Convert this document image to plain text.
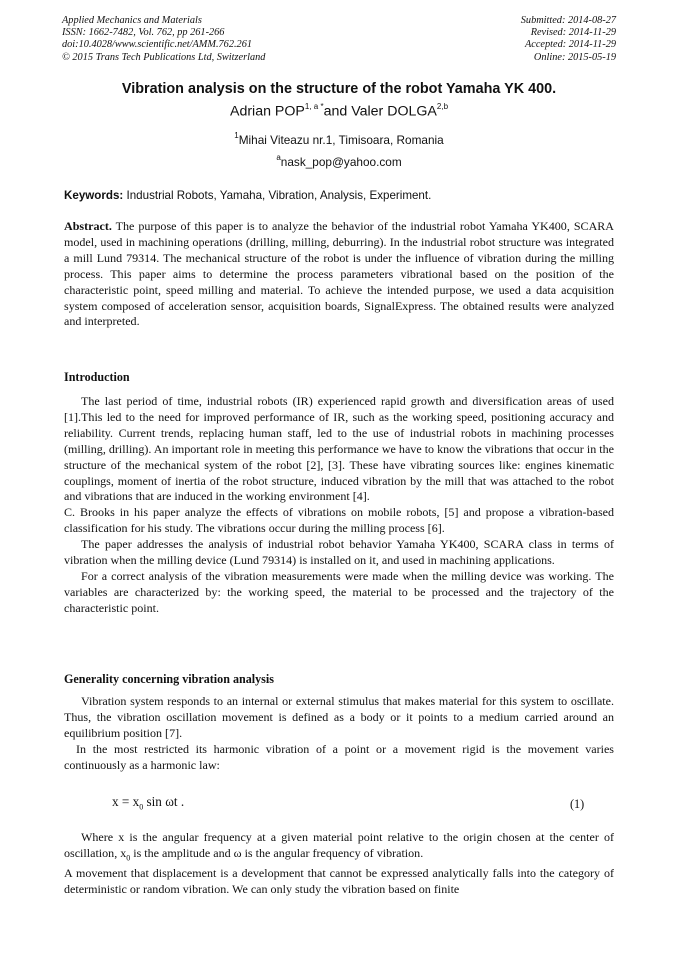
Applied Mechanics and Materials
ISSN: 1662-7482, Vol. 762, pp 261-266
doi:10.4028/www.scientific.net/AMM.762.261
© 2015 Trans Tech Publications Ltd, Switzerland
Submitted: 2014-08-27
Revised: 2014-11-29
Accepted: 2014-11-29
Online: 2015-05-19
Vibration analysis on the structure of the robot Yamaha YK 400.
Adrian $POP^{1, a *}and$ Valer DOLGA$^{2,b}$
$^1$Mihai Viteazu nr.1, Timisoara, Romania
$^a$nask_pop@yahoo.com
Keywords: Industrial Robots, Yamaha, Vibration, Analysis, Experiment.

Abstract. The purpose of this paper is to analyze the behavior of the industrial robot Yamaha YK400, SCARA model, used in machining operations (drilling, milling, deburring). In the industrial robot structure was integrated a mill Lund 79314. The mechanical structure of the robot is under the influence of vibration during the milling process. This paper aims to determine the process parameters vibrational based on the position of the characteristic point, speed milling and material. To achieve the intended purpose, we used a data acquisition system composed of acceleration sensor, acquisition boards, SignalExpress. The obtained results were analyzed and interpreted.

Introduction

The last period of time, industrial robots (IR) experienced rapid growth and diversification areas of used [1].This led to the need for improved performance of IR, such as the working speed, positioning accuracy and reliability. Current trends, replacing human staff, led to the use of industrial robots in machining processes (milling, drilling). An important role in meeting this performance we have to know the vibrations that occur in the structure of the mechanical system of the robot [2], [3]. These have vibrating sources like: engines kinematic couplings, moment of inertia of the robot structure, induced vibration by the mill that was attached to the robot and vibrations that are induced in the working environment [4].

C. Brooks in his paper analyze the effects of vibrations on mobile robots, [5] and propose a vibration-based classification for his study. The vibrations occur during the milling process [6].

The paper addresses the analysis of industrial robot behavior Yamaha YK400, SCARA class in terms of vibration when the milling device (Lund 79314) is installed on it, and used in machining applications.

For a correct analysis of the vibration measurements were made when the milling device was working. The variables are characterized by: the working speed, the material to be processed and the trajectory of the characteristic point.

Generality concerning vibration analysis

Vibration system responds to an internal or external stimulus that makes material for this system to oscillate. Thus, the vibration oscillation movement is defined as a body or it points to a medium carried around an equilibrium position [7].

In the most restricted its harmonic vibration of a point or a movement rigid is the movement varies continuously as a harmonic law:

$x = x_0$ sin ωt .	(1)

Where x is the angular frequency at a given material point relative to the origin chosen at the center of oscillation, $x_0$ is the amplitude and ω is the angular frequency of vibration.

A movement that displacement is a development that cannot be expressed analytically falls into the category of deterministic or random vibration. We can only study the vibration based on finite
